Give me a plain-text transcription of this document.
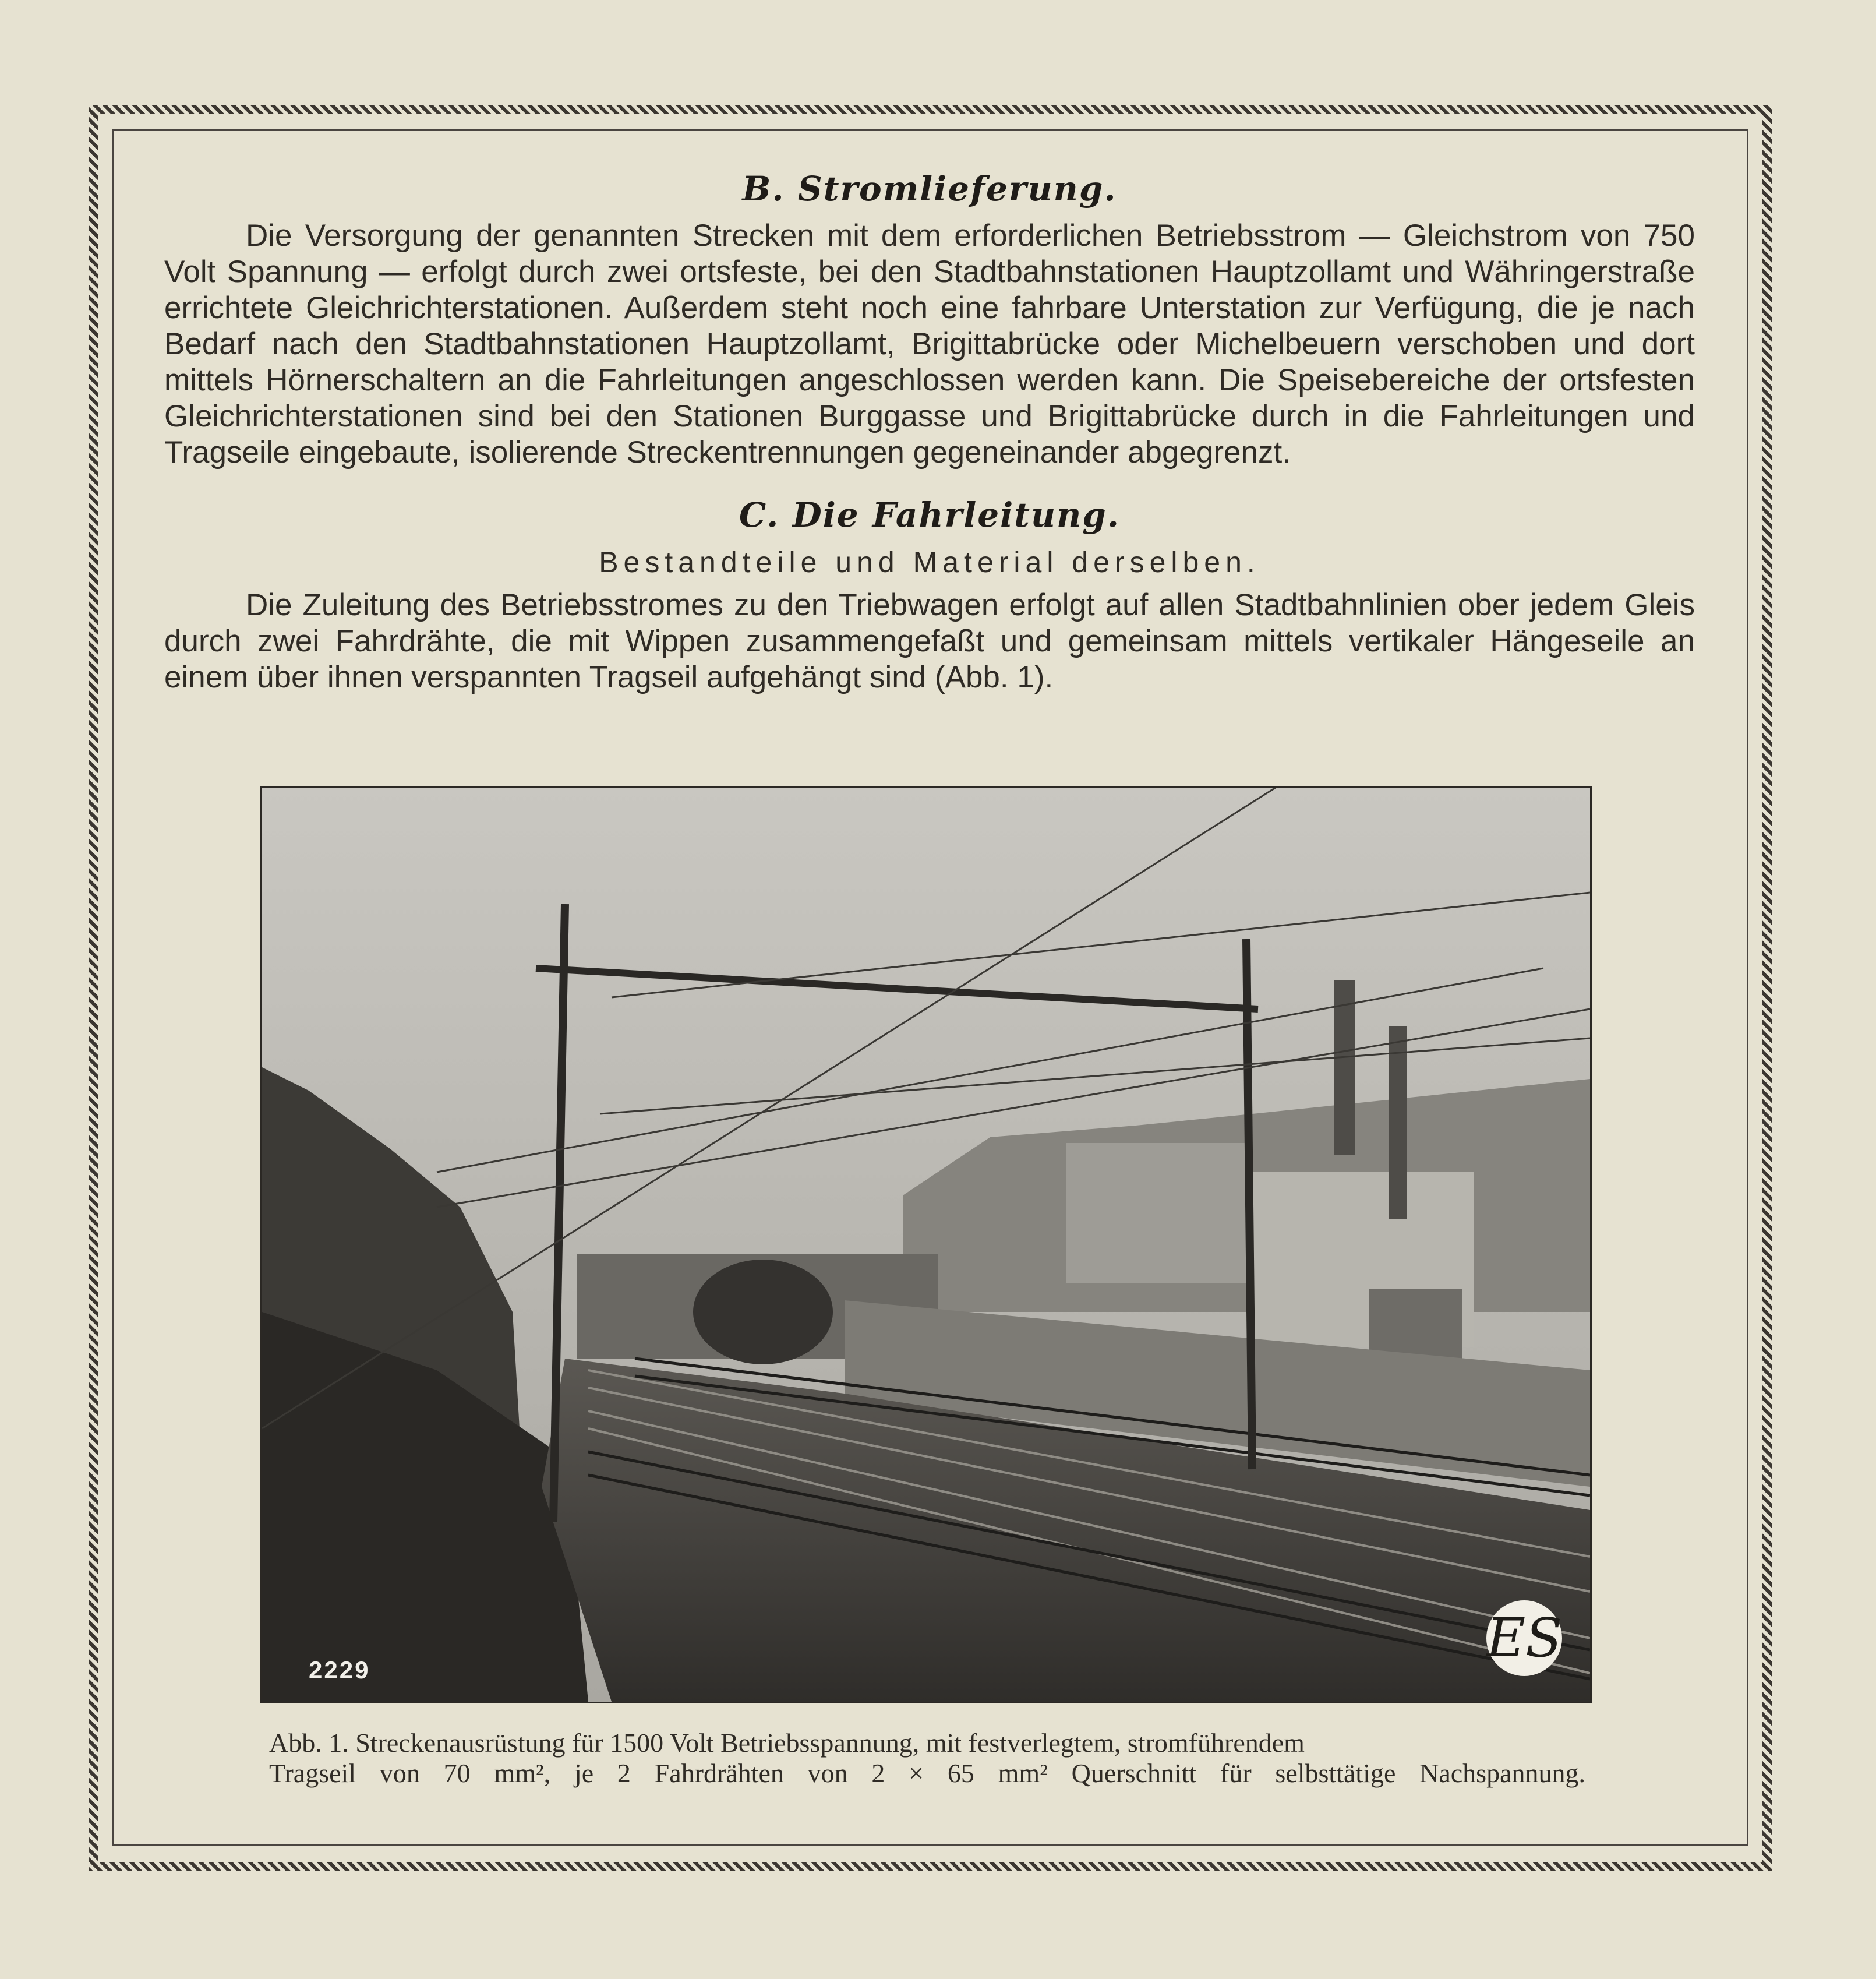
B. Stromlieferung.

Die Versorgung der genannten Strecken mit dem erforderlichen Betriebsstrom — Gleichstrom von 750 Volt Spannung — erfolgt durch zwei ortsfeste, bei den Stadtbahnstationen Hauptzollamt und Währingerstraße errichtete Gleichrichterstationen. Außerdem steht noch eine fahrbare Unterstation zur Verfügung, die je nach Bedarf nach den Stadtbahnstationen Hauptzollamt, Brigittabrücke oder Michelbeuern verschoben und dort mittels Hörnerschaltern an die Fahrleitungen angeschlossen werden kann. Die Speisebereiche der ortsfesten Gleichrichterstationen sind bei den Stationen Burggasse und Brigittabrücke durch in die Fahrleitungen und Tragseile eingebaute, isolierende Streckentrennungen gegeneinander abgegrenzt.

C. Die Fahrleitung.
Bestandteile und Material derselben.

Die Zuleitung des Betriebsstromes zu den Triebwagen erfolgt auf allen Stadtbahnlinien ober jedem Gleis durch zwei Fahrdrähte, die mit Wippen zusammengefaßt und gemeinsam mittels vertikaler Hängeseile an einem über ihnen verspannten Tragseil aufgehängt sind (Abb. 1).

2229
ES
Abb. 1. Streckenausrüstung für 1500 Volt Betriebsspannung, mit festverlegtem, stromführendem
Tragseil von 70 mm², je 2 Fahrdrähten von 2 × 65 mm² Querschnitt für selbsttätige Nachspannung.
